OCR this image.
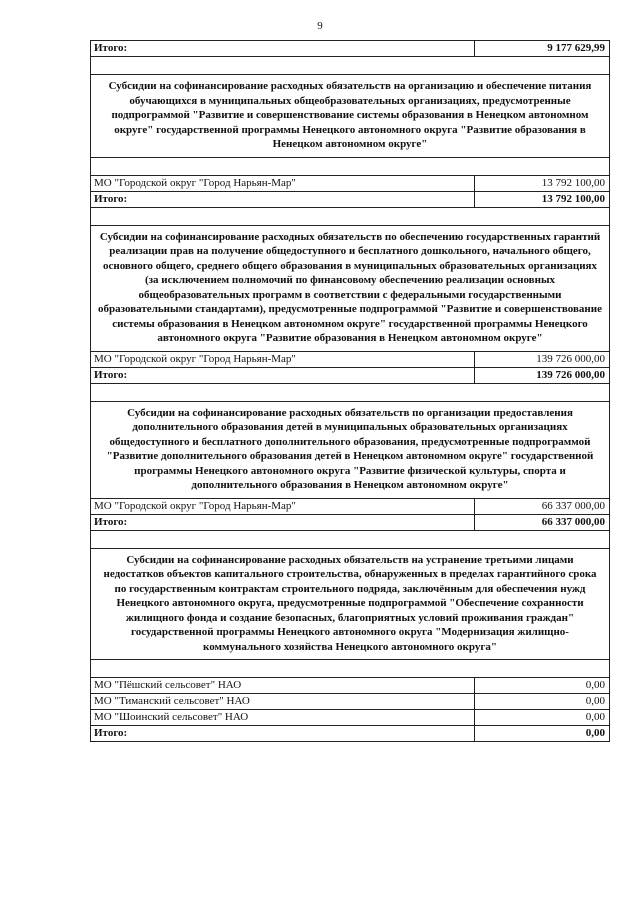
9
Итого:	9 177 629,99
Субсидии на софинансирование расходных обязательств на организацию и обеспечение питания обучающихся в муниципальных общеобразовательных организациях, предусмотренные подпрограммой "Развитие и совершенствование системы образования в Ненецком автономном округе" государственной программы Ненецкого автономного округа "Развитие образования в Ненецком автономном округе"
МО "Городской округ "Город Нарьян-Мар"	13 792 100,00
Итого:	13 792 100,00
Субсидии на софинансирование расходных обязательств по обеспечению государственных гарантий реализации прав на получение общедоступного и бесплатного дошкольного, начального общего, основного общего, среднего общего образования в муниципальных образовательных организациях (за исключением полномочий по финансовому обеспечению реализации основных общеобразовательных программ в соответствии с федеральными государственными образовательными стандартами), предусмотренные подпрограммой "Развитие и совершенствование системы образования в Ненецком автономном округе" государственной программы Ненецкого автономного округа "Развитие образования в Ненецком автономном округе"
МО "Городской округ "Город Нарьян-Мар"	139 726 000,00
Итого:	139 726 000,00
Субсидии на софинансирование расходных обязательств по организации предоставления дополнительного образования детей в муниципальных образовательных организациях общедоступного и бесплатного дополнительного образования, предусмотренные подпрограммой "Развитие дополнительного образования детей в Ненецком автономном округе" государственной программы Ненецкого автономного округа "Развитие физической культуры, спорта и дополнительного образования в Ненецком автономном округе"
МО "Городской округ "Город Нарьян-Мар"	66 337 000,00
Итого:	66 337 000,00
Субсидии на софинансирование расходных обязательств на устранение третьими лицами недостатков объектов капитального строительства, обнаруженных в пределах гарантийного срока по государственным контрактам строительного подряда, заключённым для обеспечения нужд Ненецкого автономного округа, предусмотренные подпрограммой "Обеспечение сохранности жилищного фонда и создание безопасных, благоприятных условий проживания граждан" государственной программы Ненецкого автономного округа "Модернизация жилищно-коммунального хозяйства Ненецкого автономного округа"
МО "Пёшский сельсовет" НАО	0,00
МО "Тиманский сельсовет" НАО	0,00
МО "Шоинский сельсовет" НАО	0,00
Итого:	0,00
